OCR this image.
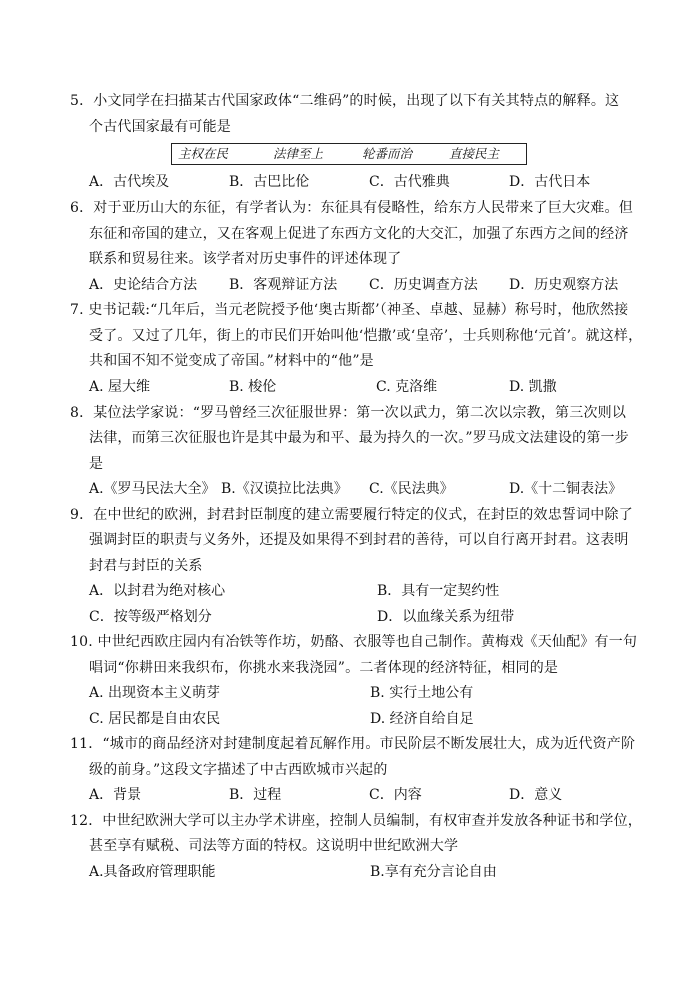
5．小文同学在扫描某古代国家政体“二维码”的时候，出现了以下有关其特点的解释。这
个古代国家最有可能是
主权在民	法律至上	轮番而治	直接民主
A．古代埃及	B．古巴比伦	C．古代雅典	D．古代日本
6．对于亚历山大的东征，有学者认为：东征具有侵略性，给东方人民带来了巨大灾难。但
东征和帝国的建立，又在客观上促进了东西方文化的大交汇，加强了东西方之间的经济
联系和贸易往来。该学者对历史事件的评述体现了
A．史论结合方法 B．客观辩证方法 C．历史调查方法 D．历史观察方法
7. 史书记载:“几年后，当元老院授予他‘奥古斯都’（神圣、卓越、显赫）称号时，他欣然接
受了。又过了几年，街上的市民们开始叫他‘恺撒’或‘皇帝’，士兵则称他‘元首’。就这样，
共和国不知不觉变成了帝国。”材料中的“他”是
A. 屋大维	B. 梭伦	C. 克洛维	D. 凯撒
8．某位法学家说：“罗马曾经三次征服世界：第一次以武力，第二次以宗教，第三次则以
法律，而第三次征服也许是其中最为和平、最为持久的一次。”罗马成文法建设的第一步
是
A.《罗马民法大全》 B.《汉谟拉比法典》 C.《民法典》	D.《十二铜表法》
9．在中世纪的欧洲，封君封臣制度的建立需要履行特定的仪式，在封臣的效忠誓词中除了
强调封臣的职责与义务外，还提及如果得不到封君的善待，可以自行离开封君。这表明
封君与封臣的关系
A．以封君为绝对核心	B．具有一定契约性
C．按等级严格划分	D．以血缘关系为纽带
10. 中世纪西欧庄园内有冶铁等作坊，奶酪、衣服等也自己制作。黄梅戏《天仙配》有一句
唱词“你耕田来我织布，你挑水来我浇园”。二者体现的经济特征，相同的是
A. 出现资本主义萌芽	B. 实行土地公有
C. 居民都是自由农民	D. 经济自给自足
11．“城市的商品经济对封建制度起着瓦解作用。市民阶层不断发展壮大，成为近代资产阶
级的前身。”这段文字描述了中古西欧城市兴起的
A．背景	B．过程	C．内容	D．意义
12．中世纪欧洲大学可以主办学术讲座，控制人员编制，有权审查并发放各种证书和学位，
甚至享有赋税、司法等方面的特权。这说明中世纪欧洲大学
A.具备政府管理职能	B.享有充分言论自由
